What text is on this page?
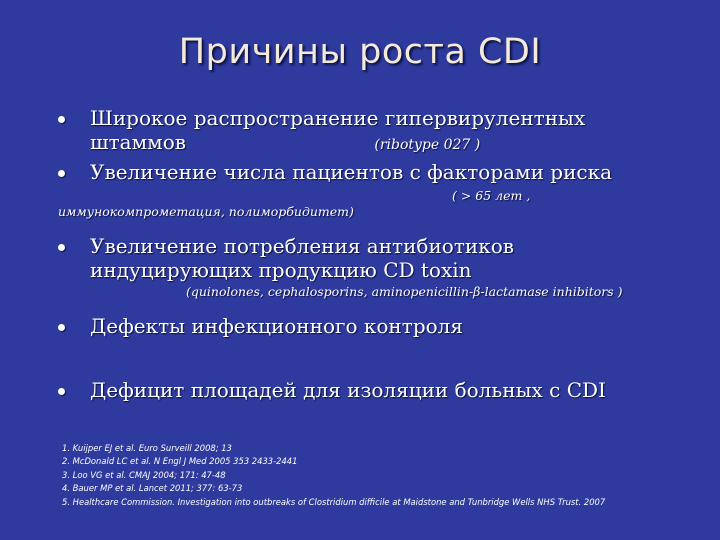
Причины роста CDI
Широкое распространение гипервирулентных
штаммов	(ribotype 027 )
Увеличение числа пациентов с факторами риска
( > 65 лет ,
иммунокомпрометация, полиморбидитет)
Увеличение потребления антибиотиков
индуцирующих продукцию CD toxin
(quinolones, cephalosporins, aminopenicillin-β-lactamase inhibitors )
Дефекты инфекционного контроля
Дефицит площадей для изоляции больных с CDI
1. Kuijper EJ et al. Euro Surveill 2008; 13
2. McDonald LC et al. N Engl J Med 2005 353 2433-2441
3. Loo VG et al. CMAJ 2004; 171: 47-48
4. Bauer MP et al. Lancet 2011; 377: 63-73
5. Healthcare Commission. Investigation into outbreaks of Clostridium difficile at Maidstone and Tunbridge Wells NHS Trust. 2007
